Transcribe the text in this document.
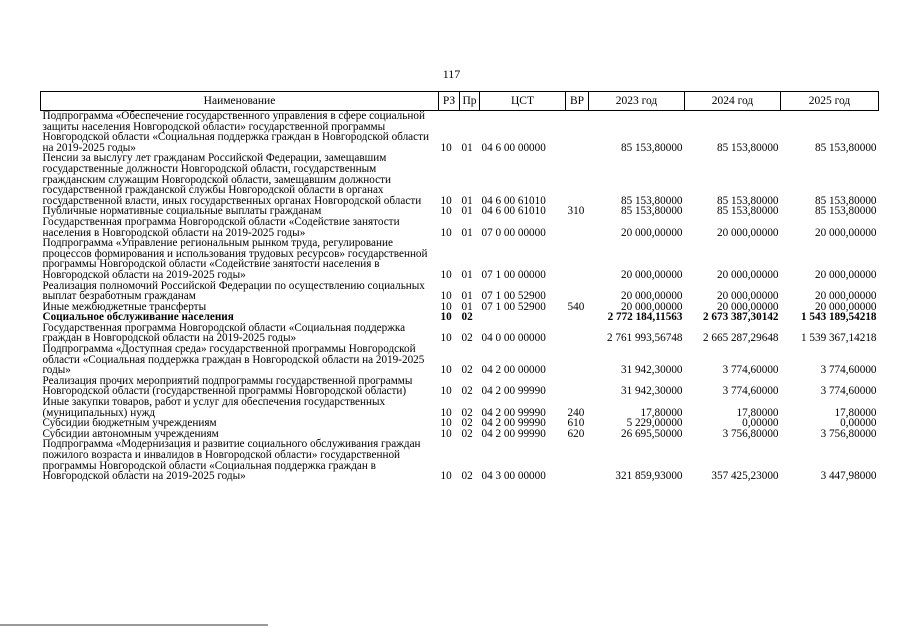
117
Наименование	РЗ	Пр	ЦСТ	ВР	2023 год	2024 год	2025 год
Подпрограмма «Обеспечение государственного управления в сфере социальной защиты населения Новгородской области» государственной программы Новгородской области «Социальная поддержка граждан в Новгородской области на 2019-2025 годы»	10	01	04 6 00 00000		85 153,80000	85 153,80000	85 153,80000
Пенсии за выслугу лет гражданам Российской Федерации, замещавшим государственные должности Новгородской области, государственным гражданским служащим Новгородской области, замещавшим должности государственной гражданской службы Новгородской области в органах государственной власти, иных государственных органах Новгородской области	10	01	04 6 00 61010		85 153,80000	85 153,80000	85 153,80000
Публичные нормативные социальные выплаты гражданам	10	01	04 6 00 61010	310	85 153,80000	85 153,80000	85 153,80000
Государственная программа Новгородской области «Содействие занятости населения в Новгородской области на 2019-2025 годы»	10	01	07 0 00 00000		20 000,00000	20 000,00000	20 000,00000
Подпрограмма «Управление региональным рынком труда, регулирование процессов формирования и использования трудовых ресурсов» государственной программы Новгородской области «Содействие занятости населения в Новгородской области на 2019-2025 годы»	10	01	07 1 00 00000		20 000,00000	20 000,00000	20 000,00000
Реализация полномочий Российской Федерации по осуществлению социальных выплат безработным гражданам	10	01	07 1 00 52900		20 000,00000	20 000,00000	20 000,00000
Иные межбюджетные трансферты	10	01	07 1 00 52900	540	20 000,00000	20 000,00000	20 000,00000
Социальное обслуживание населения	10	02			2 772 184,11563	2 673 387,30142	1 543 189,54218
Государственная программа Новгородской области «Социальная поддержка граждан в Новгородской области на 2019-2025 годы»	10	02	04 0 00 00000		2 761 993,56748	2 665 287,29648	1 539 367,14218
Подпрограмма «Доступная среда» государственной программы Новгородской области «Социальная поддержка граждан в Новгородской области на 2019-2025 годы»	10	02	04 2 00 00000		31 942,30000	3 774,60000	3 774,60000
Реализация прочих мероприятий подпрограммы государственной программы Новгородской области (государственной программы Новгородской области)	10	02	04 2 00 99990		31 942,30000	3 774,60000	3 774,60000
Иные закупки товаров, работ и услуг для обеспечения государственных (муниципальных) нужд	10	02	04 2 00 99990	240	17,80000	17,80000	17,80000
Субсидии бюджетным учреждениям	10	02	04 2 00 99990	610	5 229,00000	0,00000	0,00000
Субсидии автономным учреждениям	10	02	04 2 00 99990	620	26 695,50000	3 756,80000	3 756,80000
Подпрограмма «Модернизация и развитие социального обслуживания граждан пожилого возраста и инвалидов в Новгородской области» государственной программы Новгородской области «Социальная поддержка граждан в Новгородской области на 2019-2025 годы»	10	02	04 3 00 00000		321 859,93000	357 425,23000	3 447,98000
